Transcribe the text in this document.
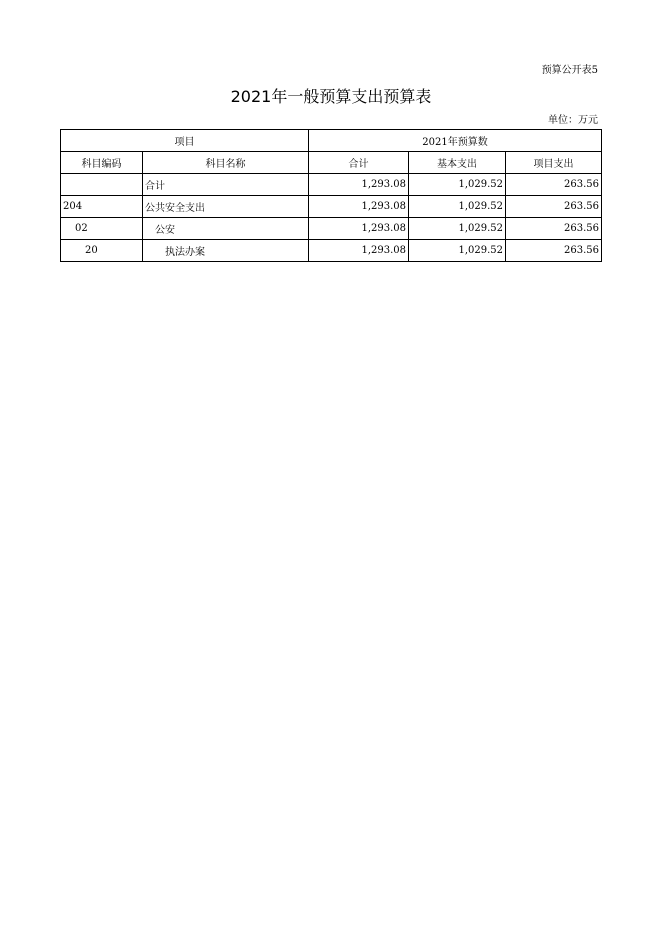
预算公开表5
2021年一般预算支出预算表
单位：万元
项目		2021年预算数		
科目编码	科目名称	合计	基本支出	项目支出
	合计	1,293.08	1,029.52	263.56
204	公共安全支出	1,293.08	1,029.52	263.56
02	公安	1,293.08	1,029.52	263.56
20	执法办案	1,293.08	1,029.52	263.56
